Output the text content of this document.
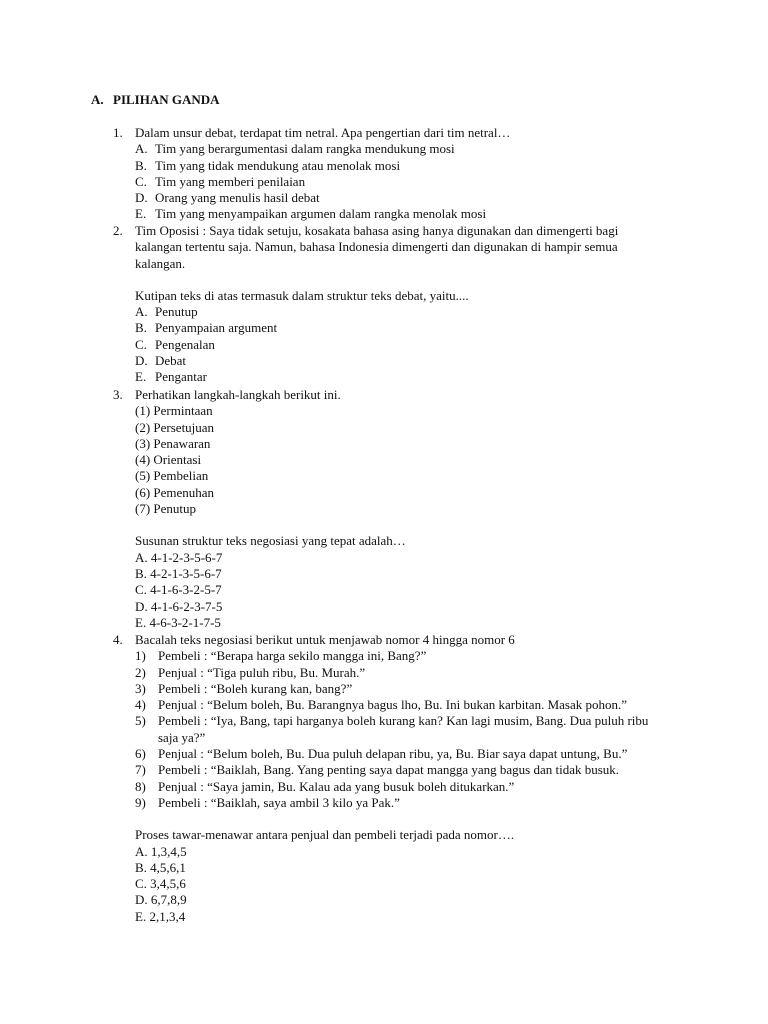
A. PILIHAN GANDA
1. Dalam unsur debat, terdapat tim netral. Apa pengertian dari tim netral…
A. Tim yang berargumentasi dalam rangka mendukung mosi
B. Tim yang tidak mendukung atau menolak mosi
C. Tim yang memberi penilaian
D. Orang yang menulis hasil debat
E. Tim yang menyampaikan argumen dalam rangka menolak mosi
2. Tim Oposisi : Saya tidak setuju, kosakata bahasa asing hanya digunakan dan dimengerti bagi kalangan tertentu saja. Namun, bahasa Indonesia dimengerti dan digunakan di hampir semua kalangan.
Kutipan teks di atas termasuk dalam struktur teks debat, yaitu....
A. Penutup
B. Penyampaian argument
C. Pengenalan
D. Debat
E. Pengantar
3. Perhatikan langkah-langkah berikut ini.
(1) Permintaan
(2) Persetujuan
(3) Penawaran
(4) Orientasi
(5) Pembelian
(6) Pemenuhan
(7) Penutup
Susunan struktur teks negosiasi yang tepat adalah…
A. 4-1-2-3-5-6-7
B. 4-2-1-3-5-6-7
C. 4-1-6-3-2-5-7
D. 4-1-6-2-3-7-5
E. 4-6-3-2-1-7-5
4. Bacalah teks negosiasi berikut untuk menjawab nomor 4 hingga nomor 6
1) Pembeli : “Berapa harga sekilo mangga ini, Bang?”
2) Penjual : “Tiga puluh ribu, Bu. Murah.”
3) Pembeli : “Boleh kurang kan, bang?”
4) Penjual : “Belum boleh, Bu. Barangnya bagus lho, Bu. Ini bukan karbitan. Masak pohon.”
5) Pembeli : “Iya, Bang, tapi harganya boleh kurang kan? Kan lagi musim, Bang. Dua puluh ribu saja ya?”
6) Penjual : “Belum boleh, Bu. Dua puluh delapan ribu, ya, Bu. Biar saya dapat untung, Bu.”
7) Pembeli : “Baiklah, Bang. Yang penting saya dapat mangga yang bagus dan tidak busuk.
8) Penjual : “Saya jamin, Bu. Kalau ada yang busuk boleh ditukarkan.”
9) Pembeli : “Baiklah, saya ambil 3 kilo ya Pak.”
Proses tawar-menawar antara penjual dan pembeli terjadi pada nomor….
A. 1,3,4,5
B. 4,5,6,1
C. 3,4,5,6
D. 6,7,8,9
E. 2,1,3,4
